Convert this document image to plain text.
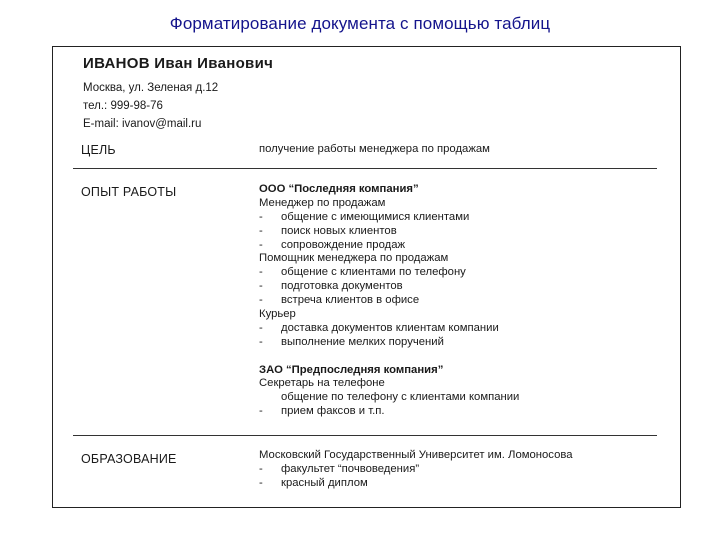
Форматирование документа с помощью таблиц
ИВАНОВ Иван Иванович
Москва, ул. Зеленая д.12
тел.: 999-98-76
E-mail: ivanov@mail.ru
ЦЕЛЬ	получение работы менеджера по продажам
ОПЫТ РАБОТЫ	ООО “Последняя компания”
Менеджер по продажам
- общение с имеющимися клиентами
- поиск новых клиентов
- сопровождение продаж
Помощник менеджера по продажам
- общение с клиентами по телефону
- подготовка документов
- встреча клиентов в офисе
Курьер
- доставка документов клиентам компании
- выполнение мелких поручений
ЗАО “Предпоследняя компания”
Секретарь на телефоне
общение по телефону с клиентами компании
- прием факсов и т.п.
ОБРАЗОВАНИЕ	Московский Государственный Университет им. Ломоносова
- факультет “почвоведения”
- красный диплом
